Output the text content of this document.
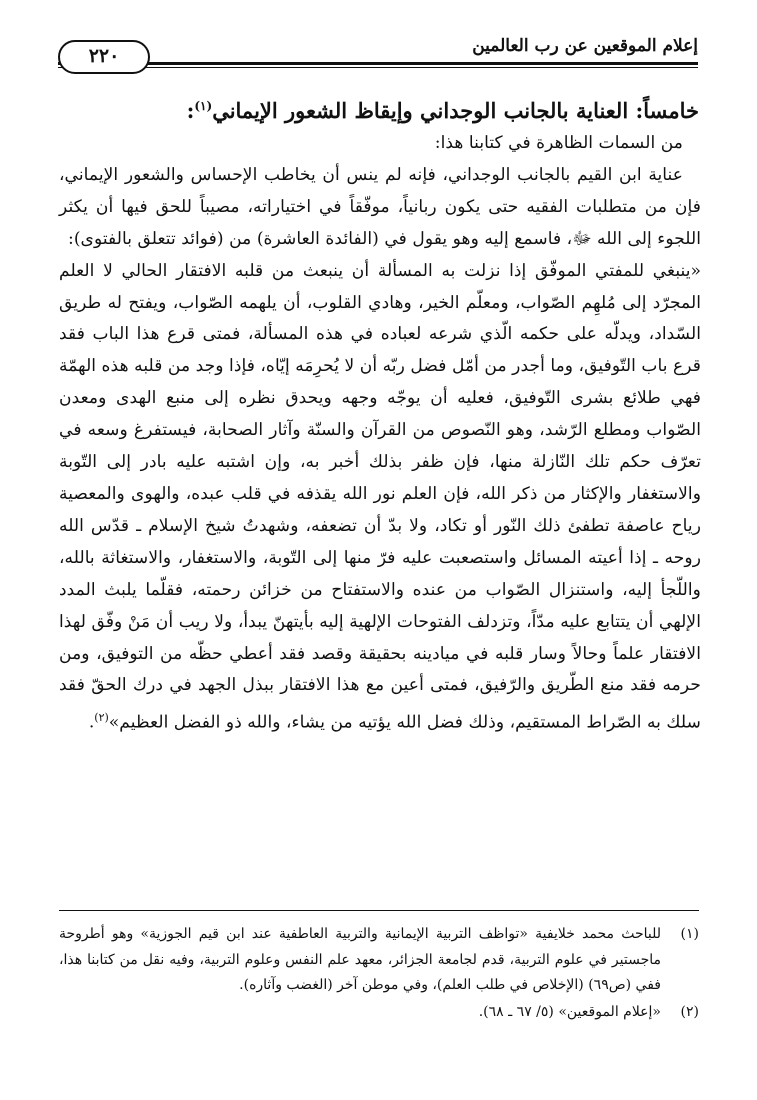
إعلام الموقعين عن رب العالمين
٢٢٠
خامساً: العناية بالجانب الوجداني وإيقاظ الشعور الإيماني$^{(١)}$:

من السمات الظاهرة في كتابنا هذا:

عناية ابن القيم بالجانب الوجداني، فإنه لم ينس أن يخاطب الإحساس والشعور الإيماني، فإن من متطلبات الفقيه حتى يكون ربانياً، موفّقاً في اختياراته، مصيباً للحق فيها أن يكثر اللجوء إلى الله ﷻ، فاسمع إليه وهو يقول في (الفائدة العاشرة) من (فوائد تتعلق بالفتوى):

«ينبغي للمفتي الموفّق إذا نزلت به المسألة أن ينبعث من قلبه الافتقار الحالي لا العلم المجرّد إلى مُلهِم الصّواب، ومعلّم الخير، وهادي القلوب، أن يلهمه الصّواب، ويفتح له طريق السّداد، ويدلّه على حكمه الّذي شرعه لعباده في هذه المسألة، فمتى قرع هذا الباب فقد قرع باب التّوفيق، وما أجدر من أمّل فضل ربّه أن لا يُحرِمَه إيّاه، فإذا وجد من قلبه هذه الهمّة فهي طلائع بشرى التّوفيق، فعليه أن يوجّه وجهه ويحدق نظره إلى منبع الهدى ومعدن الصّواب ومطلع الرّشد، وهو النّصوص من القرآن والسنّة وآثار الصحابة، فيستفرغ وسعه في تعرّف حكم تلك النّازلة منها، فإن ظفر بذلك أخبر به، وإن اشتبه عليه بادر إلى التّوبة والاستغفار والإكثار من ذكر الله، فإن العلم نور الله يقذفه في قلب عبده، والهوى والمعصية رياح عاصفة تطفئ ذلك النّور أو تكاد، ولا بدّ أن تضعفه، وشهدتُ شيخ الإسلام ـ قدّس الله روحه ـ إذا أعيته المسائل واستصعبت عليه فرّ منها إلى التّوبة، والاستغفار، والاستغاثة بالله، واللّجأ إليه، واستنزال الصّواب من عنده والاستفتاح من خزائن رحمته، فقلّما يلبث المدد الإلهي أن يتتابع عليه مدّاً، وتزدلف الفتوحات الإلهية إليه بأيتهنّ يبدأ، ولا ريب أن مَنْ وفّق لهذا الافتقار علماً وحالاً وسار قلبه في ميادينه بحقيقة وقصد فقد أعطي حظّه من التوفيق، ومن حرمه فقد منع الطّريق والرّفيق، فمتى أعين مع هذا الافتقار ببذل الجهد في درك الحقّ فقد سلك به الصّراط المستقيم، وذلك فضل الله يؤتيه من يشاء، والله ذو الفضل العظيم»$^{(٢)}$.

(١)
للباحث محمد خلايفية «تواظف التربية الإيمانية والتربية العاطفية عند ابن قيم الجوزية» وهو أطروحة ماجستير في علوم التربية، قدم لجامعة الجزائر، معهد علم النفس وعلوم التربية، وفيه نقل من كتابنا هذا، ففي (ص٦٩) (الإخلاص في طلب العلم)، وفي موطن آخر (الغضب وآثاره).

(٢)
«إعلام الموقعين» (٥/ ٦٧ ـ ٦٨).
